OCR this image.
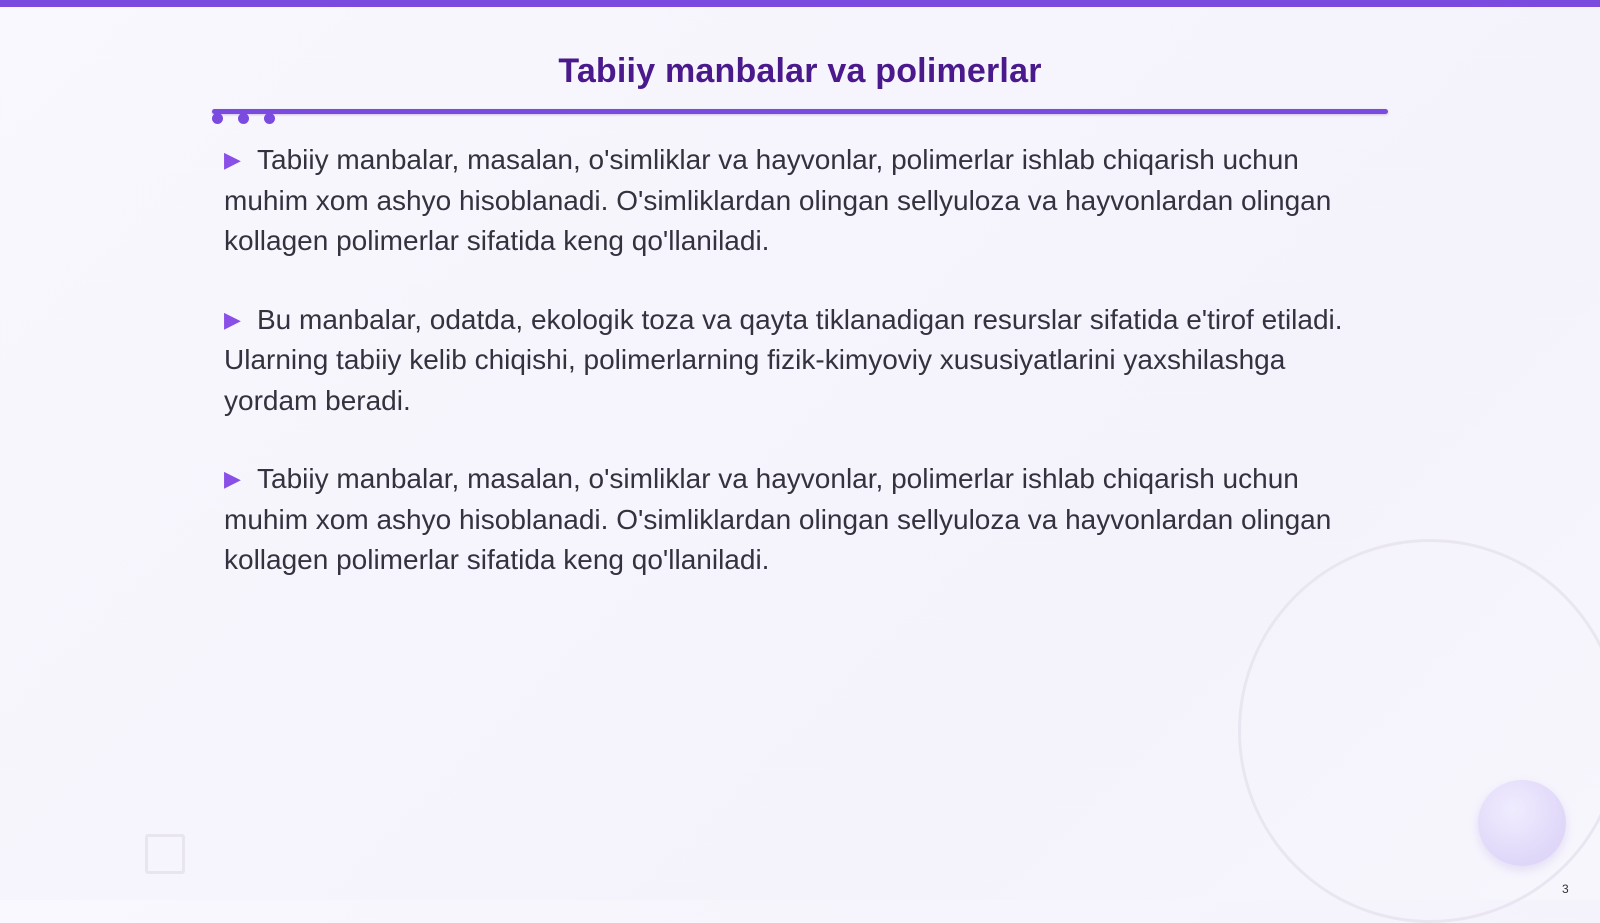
Tabiiy manbalar va polimerlar

▶ Tabiiy manbalar, masalan, o'simliklar va hayvonlar, polimerlar ishlab chiqarish uchun muhim xom ashyo hisoblanadi. O'simliklardan olingan sellyuloza va hayvonlardan olingan kollagen polimerlar sifatida keng qo'llaniladi.

▶ Bu manbalar, odatda, ekologik toza va qayta tiklanadigan resurslar sifatida e'tirof etiladi. Ularning tabiiy kelib chiqishi, polimerlarning fizik-kimyoviy xususiyatlarini yaxshilashga yordam beradi.

▶ Tabiiy manbalar, masalan, o'simliklar va hayvonlar, polimerlar ishlab chiqarish uchun muhim xom ashyo hisoblanadi. O'simliklardan olingan sellyuloza va hayvonlardan olingan kollagen polimerlar sifatida keng qo'llaniladi.

3
